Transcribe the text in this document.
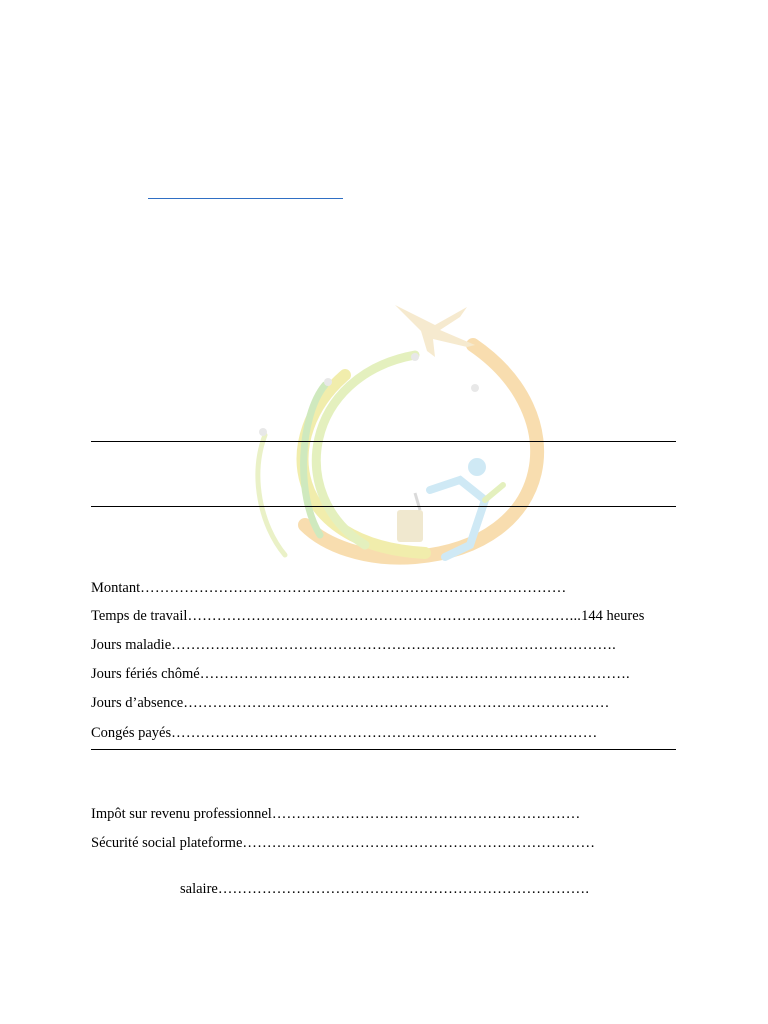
Montant ……………………………………………………………………………
Temps de travail ……………………………………………………………………... 144 heures
Jours maladie ……………………………………………………………………………….
Jours fériés chômé …………………………………………………………………………….
Jours d’absence ……………………………………………………………………………
Congés payés ……………………………………………………………………………
Impôt sur revenu professionnel ………………………………………………………
Sécurité social plateforme ………………………………………………………………
salaire ………………………………………………………………….
